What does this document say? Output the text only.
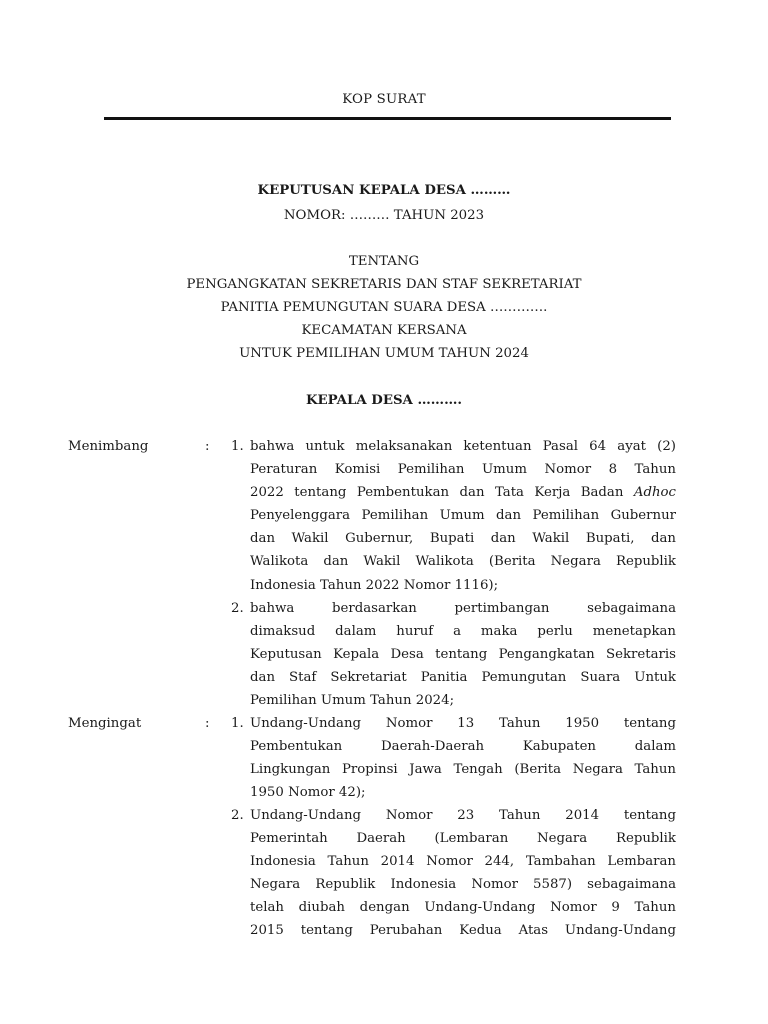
KOP SURAT
KEPUTUSAN KEPALA DESA ………
NOMOR: ……… TAHUN 2023
TENTANG
PENGANGKATAN SEKRETARIS DAN STAF SEKRETARIAT
PANITIA PEMUNGUTAN SUARA DESA ………….
KECAMATAN KERSANA
UNTUK PEMILIHAN UMUM TAHUN 2024
KEPALA DESA ……….
Menimbang	: 1. bahwa untuk melaksanakan ketentuan Pasal 64 ayat (2)
Peraturan Komisi Pemilihan Umum Nomor 8 Tahun
2022 tentang Pembentukan dan Tata Kerja Badan Adhoc
Penyelenggara Pemilihan Umum dan Pemilihan Gubernur
dan Wakil Gubernur, Bupati dan Wakil Bupati, dan
Walikota dan Wakil Walikota (Berita Negara Republik
Indonesia Tahun 2022 Nomor 1116);
2. bahwa berdasarkan pertimbangan sebagaimana
dimaksud dalam huruf a maka perlu menetapkan
Keputusan Kepala Desa tentang Pengangkatan Sekretaris
dan Staf Sekretariat Panitia Pemungutan Suara Untuk
Pemilihan Umum Tahun 2024;
Mengingat	: 1. Undang-Undang Nomor 13 Tahun 1950 tentang
Pembentukan Daerah-Daerah Kabupaten dalam
Lingkungan Propinsi Jawa Tengah (Berita Negara Tahun
1950 Nomor 42);
2. Undang-Undang Nomor 23 Tahun 2014 tentang
Pemerintah Daerah (Lembaran Negara Republik
Indonesia Tahun 2014 Nomor 244, Tambahan Lembaran
Negara Republik Indonesia Nomor 5587) sebagaimana
telah diubah dengan Undang-Undang Nomor 9 Tahun
2015 tentang Perubahan Kedua Atas Undang-Undang
